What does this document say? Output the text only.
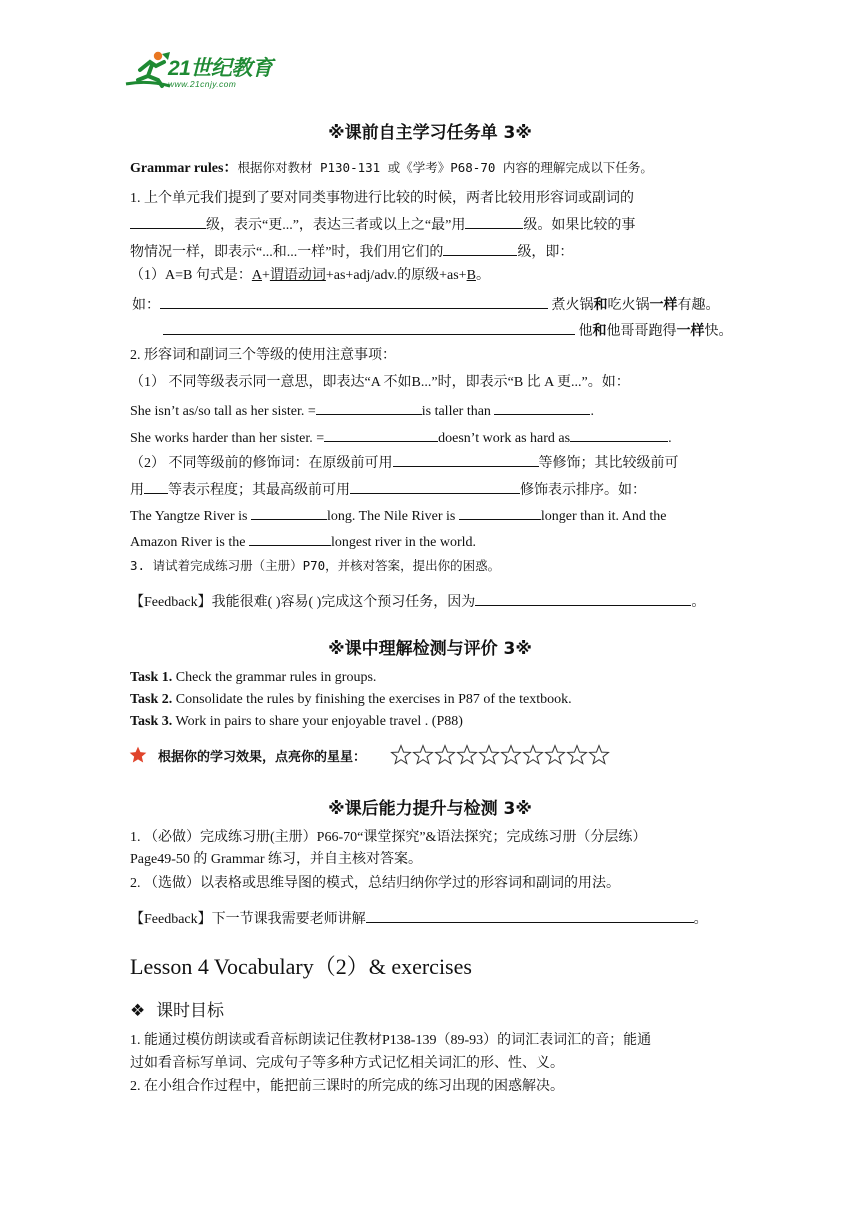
21世纪教育
www.21cnjy.com
※课前自主学习任务单 3※
Grammar rules：根据你对教材 P130-131 或《学考》P68-70 内容的理解完成以下任务。
1. 上个单元我们提到了要对同类事物进行比较的时候，两者比较用形容词或副词的
级，表示“更...”，表达三者或以上之“最”用	级。如果比较的事
物情况一样，即表示“...和...一样”时，我们用它们的	级，即：
（1）A=B 句式是：A+谓语动词+as+adj/adv.的原级+as+B。
如：	煮火锅和吃火锅一样有趣。
他和他哥哥跑得一样快。
2. 形容词和副词三个等级的使用注意事项：
（1） 不同等级表示同一意思，即表达“A 不如B...”时，即表示“B 比 A 更...”。如：
She isn’t as/so tall as her sister. =	is taller than	.
She works harder than her sister. =	doesn’t work as hard as	.
（2） 不同等级前的修饰词：在原级前可用	等修饰；其比较级前可
用 等表示程度；其最高级前可用	修饰表示排序。如：
The Yangtze River is	long. The Nile River is	longer than it. And the
Amazon River is the	longest river in the world.
3. 请试着完成练习册（主册）P70，并核对答案，提出你的困惑。
【Feedback】我能很难( )容易( )完成这个预习任务，因为	。
※课中理解检测与评价 3※
Task 1. Check the grammar rules in groups.
Task 2. Consolidate the rules by finishing the exercises in P87 of the textbook.
Task 3. Work in pairs to share your enjoyable travel . (P88)
根据你的学习效果，点亮你的星星：
※课后能力提升与检测 3※
1. （必做）完成练习册(主册）P66-70“课堂探究”&语法探究；完成练习册（分层练）
Page49-50 的 Grammar 练习，并自主核对答案。
2. （选做）以表格或思维导图的模式，总结归纳你学过的形容词和副词的用法。
【Feedback】下一节课我需要老师讲解	。
Lesson 4 Vocabulary（2）& exercises
❖ 课时目标
1. 能通过模仿朗读或看音标朗读记住教材P138-139（89-93）的词汇表词汇的音；能通
过如看音标写单词、完成句子等多种方式记忆相关词汇的形、性、义。
2. 在小组合作过程中，能把前三课时的所完成的练习出现的困惑解决。
